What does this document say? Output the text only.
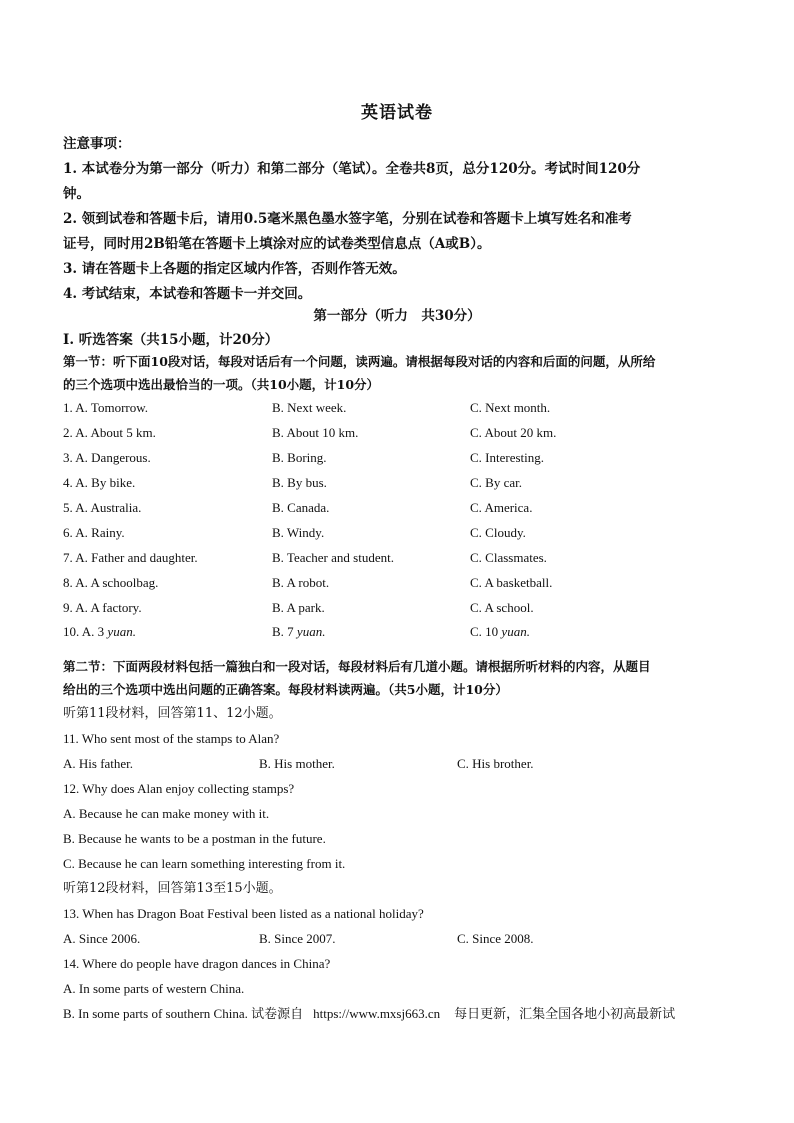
英语试卷
注意事项：
1. 本试卷分为第一部分（听力）和第二部分（笔试）。全卷共8页，总分120分。考试时间120分
钟。
2. 领到试卷和答题卡后，请用0.5毫米黑色墨水签字笔，分别在试卷和答题卡上填写姓名和准考
证号，同时用2B铅笔在答题卡上填涂对应的试卷类型信息点（A或B）。
3. 请在答题卡上各题的指定区域内作答，否则作答无效。
4. 考试结束，本试卷和答题卡一并交回。
第一部分（听力　共30分）
Ⅰ. 听选答案（共15小题，计20分）
第一节：听下面10段对话，每段对话后有一个问题，读两遍。请根据每段对话的内容和后面的问题，从所给
的三个选项中选出最恰当的一项。（共10小题，计10分）
1. A. Tomorrow.	B. Next week.	C. Next month.
2. A. About 5 km.	B. About 10 km.	C. About 20 km.
3. A. Dangerous.	B. Boring.	C. Interesting.
4. A. By bike.	B. By bus.	C. By car.
5. A. Australia.	B. Canada.	C. America.
6. A. Rainy.	B. Windy.	C. Cloudy.
7. A. Father and daughter.	B. Teacher and student.	C. Classmates.
8. A. A schoolbag.	B. A robot.	C. A basketball.
9. A. A factory.	B. A park.	C. A school.
10. A. 3 yuan.	B. 7 yuan.	C. 10 yuan.
第二节：下面两段材料包括一篇独白和一段对话，每段材料后有几道小题。请根据所听材料的内容，从题目
给出的三个选项中选出问题的正确答案。每段材料读两遍。（共5小题，计10分）
听第11段材料，回答第11、12小题。
11. Who sent most of the stamps to Alan?
A. His father.	B. His mother.	C. His brother.
12. Why does Alan enjoy collecting stamps?
A. Because he can make money with it.
B. Because he wants to be a postman in the future.
C. Because he can learn something interesting from it.
听第12段材料，回答第13至15小题。
13. When has Dragon Boat Festival been listed as a national holiday?
A. Since 2006.	B. Since 2007.	C. Since 2008.
14. Where do people have dragon dances in China?
A. In some parts of western China.
B. In some parts of southern China. 试卷源自 https://www.mxsj663.cn 每日更新，汇集全国各地小初高最新试
